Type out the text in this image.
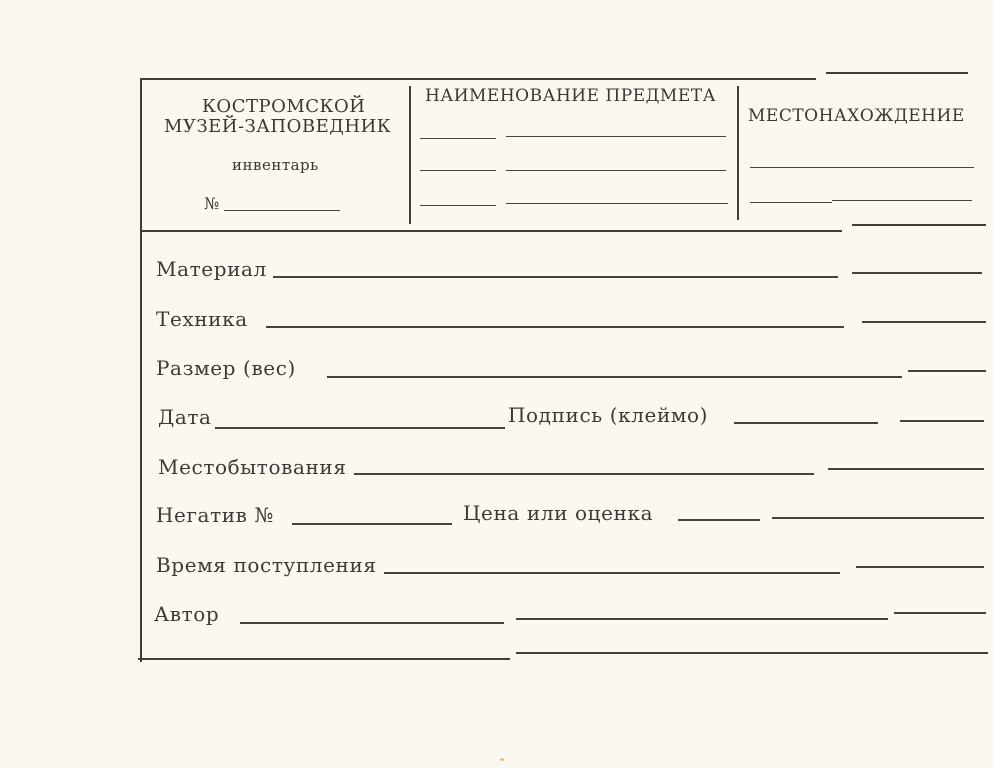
КОСТРОМСКОЙ
МУЗЕЙ-ЗАПОВЕДНИК
инвентарь
№
НАИМЕНОВАНИЕ ПРЕДМЕТА
МЕСТОНАХОЖДЕНИЕ
Материал
Техника
Размер (вес)
Дата	Подпись (клеймо)
Местобытования
Негатив №	Цена или оценка
Время поступления
Автор
